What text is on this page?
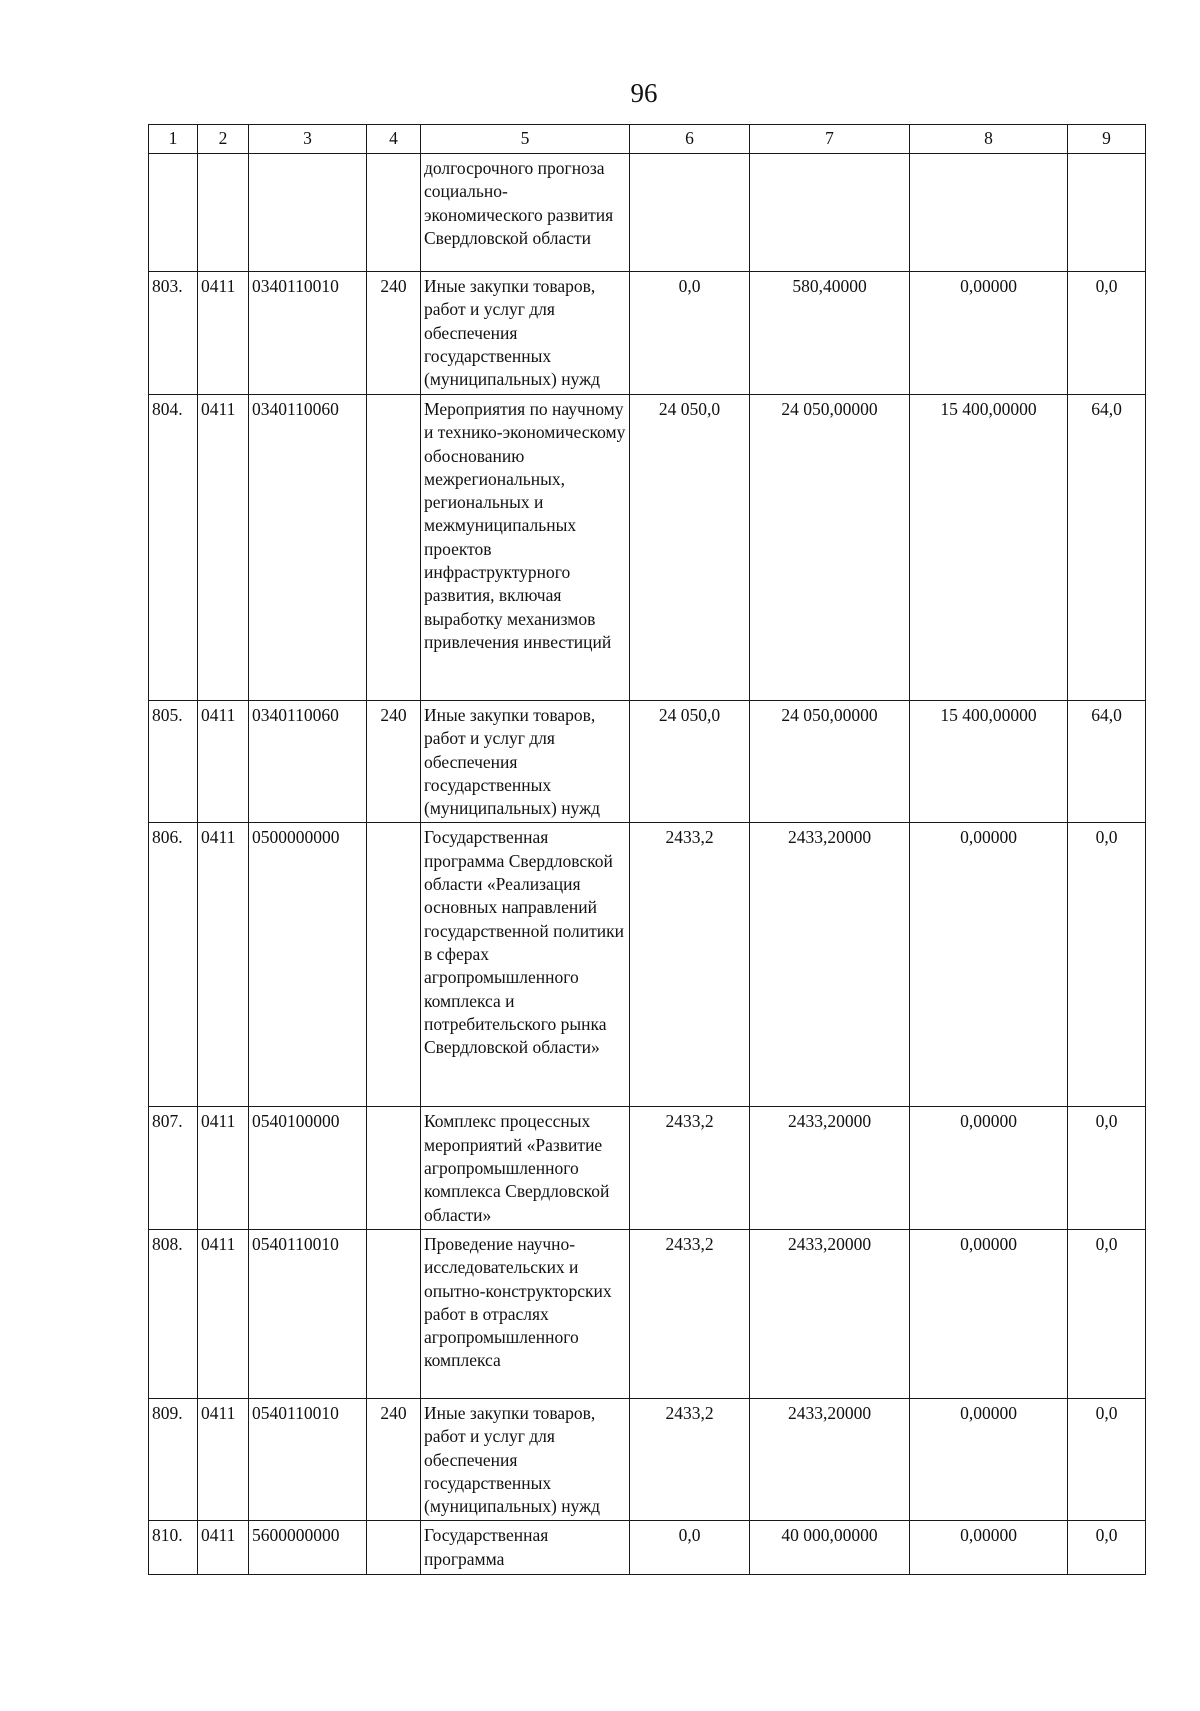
96
1	2	3	4	5	6	7	8	9
				долгосрочного прогноза социально-экономического развития Свердловской области				
803.	0411	0340110010	240	Иные закупки товаров, работ и услуг для обеспечения государственных (муниципальных) нужд	0,0	580,40000	0,00000	0,0
804.	0411	0340110060		Мероприятия по научному и технико-экономическому обоснованию межрегиональных, региональных и межмуниципальных проектов инфраструктурного развития, включая выработку механизмов привлечения инвестиций	24 050,0	24 050,00000	15 400,00000	64,0
805.	0411	0340110060	240	Иные закупки товаров, работ и услуг для обеспечения государственных (муниципальных) нужд	24 050,0	24 050,00000	15 400,00000	64,0
806.	0411	0500000000		Государственная программа Свердловской области «Реализация основных направлений государственной политики в сферах агропромышленного комплекса и потребительского рынка Свердловской области»	2433,2	2433,20000	0,00000	0,0
807.	0411	0540100000		Комплекс процессных мероприятий «Развитие агропромышленного комплекса Свердловской области»	2433,2	2433,20000	0,00000	0,0
808.	0411	0540110010		Проведение научно-исследовательских и опытно-конструкторских работ в отраслях агропромышленного комплекса	2433,2	2433,20000	0,00000	0,0
809.	0411	0540110010	240	Иные закупки товаров, работ и услуг для обеспечения государственных (муниципальных) нужд	2433,2	2433,20000	0,00000	0,0
810.	0411	5600000000		Государственная программа	0,0	40 000,00000	0,00000	0,0
